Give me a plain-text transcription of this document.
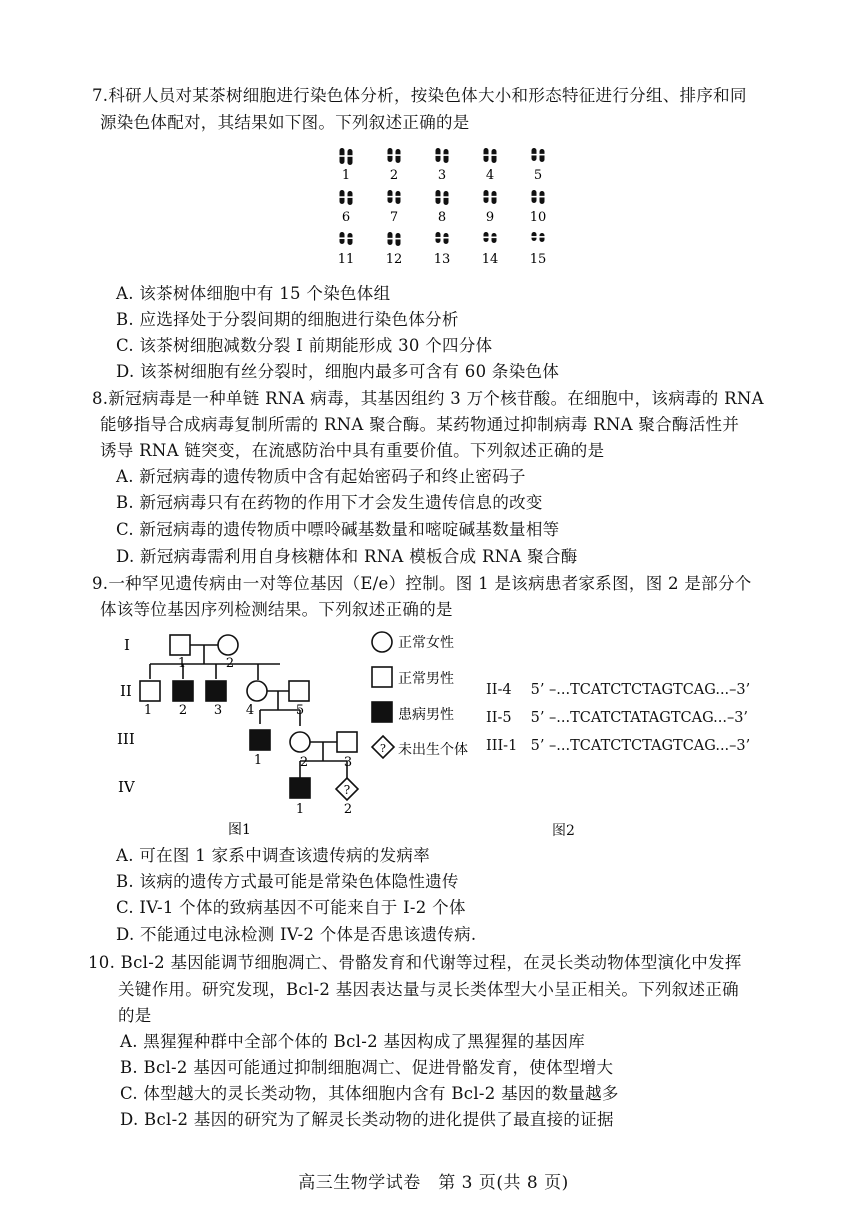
7.科研人员对某茶树细胞进行染色体分析，按染色体大小和形态特征进行分组、排序和同
源染色体配对，其结果如下图。下列叙述正确的是
1	2	3	4	5
6	7	8	9	10
11 12 13 14 15
A. 该茶树体细胞中有 15 个染色体组
B. 应选择处于分裂间期的细胞进行染色体分析
C. 该茶树细胞减数分裂 I 前期能形成 30 个四分体
D. 该茶树细胞有丝分裂时，细胞内最多可含有 60 条染色体
8.新冠病毒是一种单链 RNA 病毒，其基因组约 3 万个核苷酸。在细胞中，该病毒的 RNA
能够指导合成病毒复制所需的 RNA 聚合酶。某药物通过抑制病毒 RNA 聚合酶活性并
诱导 RNA 链突变，在流感防治中具有重要价值。下列叙述正确的是
A. 新冠病毒的遗传物质中含有起始密码子和终止密码子
B. 新冠病毒只有在药物的作用下才会发生遗传信息的改变
C. 新冠病毒的遗传物质中嘌呤碱基数量和嘧啶碱基数量相等
D. 新冠病毒需利用自身核糖体和 RNA 模板合成 RNA 聚合酶
9.一种罕见遗传病由一对等位基因（E/e）控制。图 1 是该病患者家系图，图 2 是部分个
体该等位基因序列检测结果。下列叙述正确的是
?
I
II
III
IV
1	2
1 2 3 4	5
1	2	3
1	2
正常女性
正常男性
患病男性
? 未出生个体
图1
II-4 5’ –...TCATCTCTAGTCAG...–3’
II-5 5’ –...TCATCTATAGTCAG...–3’
III-1 5’ –...TCATCTCTAGTCAG...–3’
图2
A. 可在图 1 家系中调查该遗传病的发病率
B. 该病的遗传方式最可能是常染色体隐性遗传
C. IV-1 个体的致病基因不可能来自于 I-2 个体
D. 不能通过电泳检测 IV-2 个体是否患该遗传病.
10. Bcl-2 基因能调节细胞凋亡、骨骼发育和代谢等过程，在灵长类动物体型演化中发挥
关键作用。研究发现，Bcl-2 基因表达量与灵长类体型大小呈正相关。下列叙述正确
的是
A. 黑猩猩种群中全部个体的 Bcl-2 基因构成了黑猩猩的基因库
B. Bcl-2 基因可能通过抑制细胞凋亡、促进骨骼发育，使体型增大
C. 体型越大的灵长类动物，其体细胞内含有 Bcl-2 基因的数量越多
D. Bcl-2 基因的研究为了解灵长类动物的进化提供了最直接的证据
高三生物学试卷　第 3 页(共 8 页)
